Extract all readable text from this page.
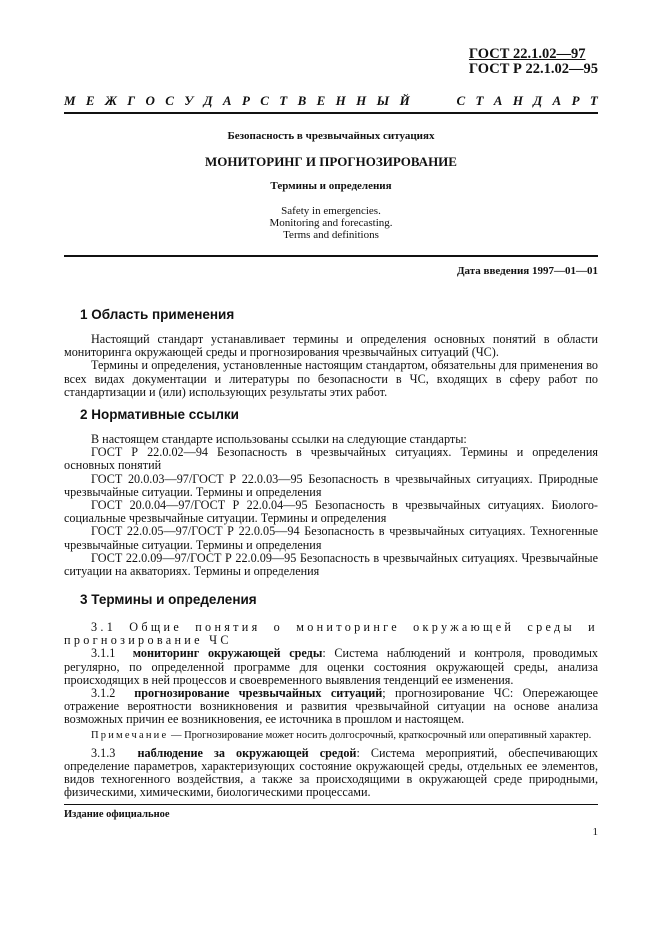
ГОСТ 22.1.02—97
ГОСТ Р 22.1.02—95
М Е Ж Г О С У Д А Р С Т В Е Н Н Ы Й	С Т А Н Д А Р Т
Безопасность в чрезвычайных ситуациях
МОНИТОРИНГ И ПРОГНОЗИРОВАНИЕ
Термины и определения
Safety in emergencies.
Monitoring and forecasting.
Terms and definitions
Дата введения 1997—01—01
1 Область применения

Настоящий стандарт устанавливает термины и определения основных понятий в области мониторинга окружающей среды и прогнозирования чрезвычайных ситуаций (ЧС).

Термины и определения, установленные настоящим стандартом, обязательны для применения во всех видах документации и литературы по безопасности в ЧС, входящих в сферу работ по стандартизации и (или) использующих результаты этих работ.

2 Нормативные ссылки

В настоящем стандарте использованы ссылки на следующие стандарты:

ГОСТ Р 22.0.02—94 Безопасность в чрезвычайных ситуациях. Термины и определения основных понятий

ГОСТ 20.0.03—97/ГОСТ Р 22.0.03—95 Безопасность в чрезвычайных ситуациях. Природные чрезвычайные ситуации. Термины и определения

ГОСТ 20.0.04—97/ГОСТ Р 22.0.04—95 Безопасность в чрезвычайных ситуациях. Биолого-социальные чрезвычайные ситуации. Термины и определения

ГОСТ 22.0.05—97/ГОСТ Р 22.0.05—94 Безопасность в чрезвычайных ситуациях. Техногенные чрезвычайные ситуации. Термины и определения

ГОСТ 22.0.09—97/ГОСТ Р 22.0.09—95 Безопасность в чрезвычайных ситуациях. Чрезвычайные ситуации на акваториях. Термины и определения

3 Термины и определения

3.1 Общие понятия о мониторинге окружающей среды и прогнозирование ЧС

3.1.1 мониторинг окружающей среды: Система наблюдений и контроля, проводимых регулярно, по определенной программе для оценки состояния окружающей среды, анализа происходящих в ней процессов и своевременного выявления тенденций ее изменения.

3.1.2 прогнозирование чрезвычайных ситуаций; прогнозирование ЧС: Опережающее отражение вероятности возникновения и развития чрезвычайной ситуации на основе анализа возможных причин ее возникновения, ее источника в прошлом и настоящем.

Примечание — Прогнозирование может носить долгосрочный, краткосрочный или оперативный характер.

3.1.3 наблюдение за окружающей средой: Система мероприятий, обеспечивающих определение параметров, характеризующих состояние окружающей среды, отдельных ее элементов, видов техногенного воздействия, а также за происходящими в окружающей среде природными, физическими, химическими, биологическими процессами.

Издание официальное
1
